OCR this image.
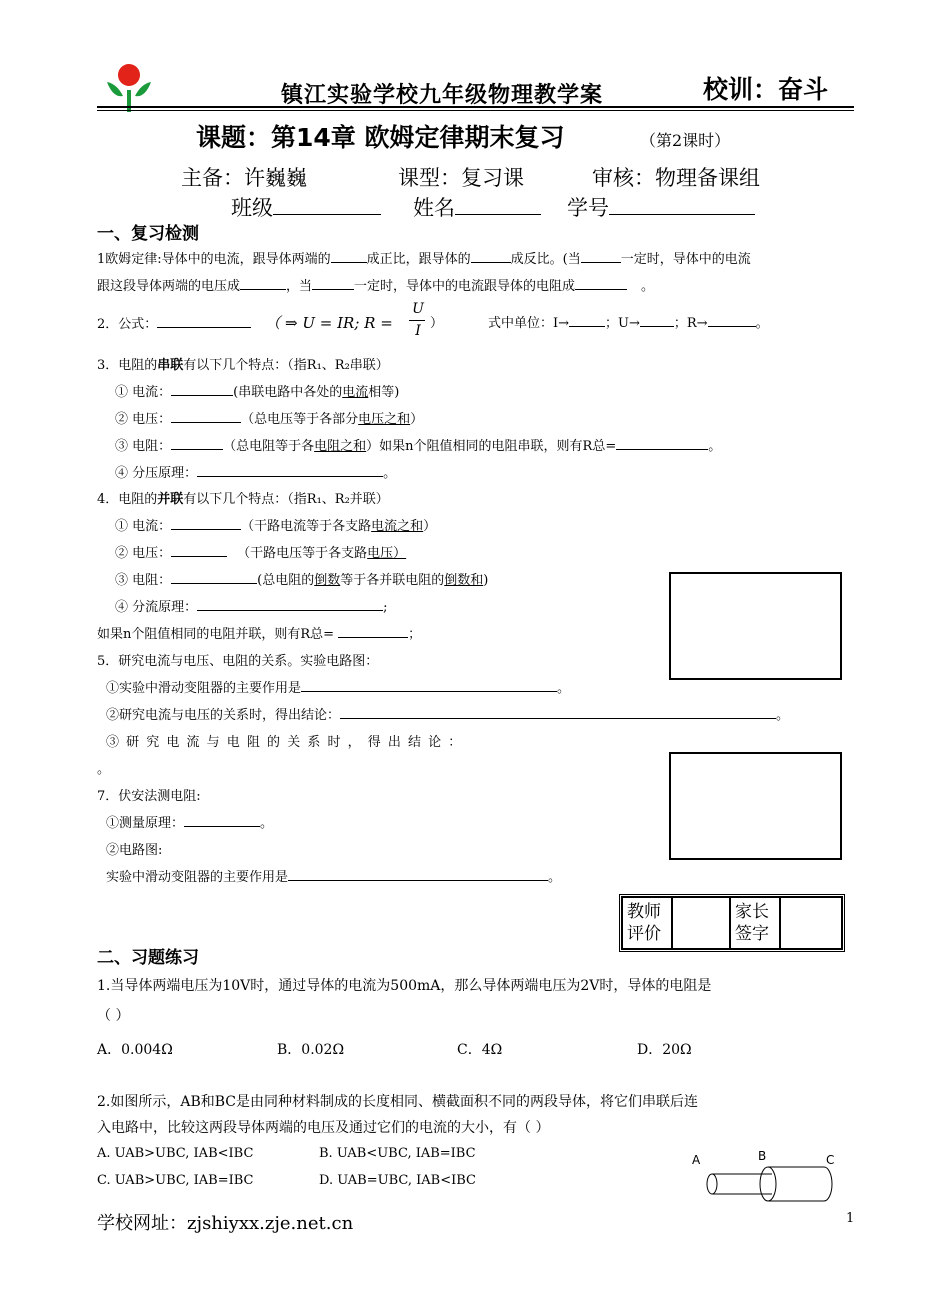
镇江实验学校九年级物理教学案	校训：奋斗
课题：第14章 欧姆定律期末复习	（第2课时）
主备：许巍巍	课型：复习课	审核：物理备课组
班级	姓名	学号
一、复习检测
1欧姆定律:导体中的电流，跟导体两端的	成正比，跟导体的	成反比。(当	一定时，导体中的电流
跟这段导体两端的电压成	，当	一定时，导体中的电流跟导体的电阻成	。
2．公式：	（ ⇒ U = IR; R =
U
I ）	式中单位：I→	；U→	；R→	。
3．电阻的串联有以下几个特点：（指R₁、R₂串联）
① 电流：	(串联电路中各处的电流相等)
② 电压：	（总电压等于各部分电压之和）
③ 电阻：	（总电阻等于各电阻之和）如果n个阻值相同的电阻串联，则有R总=	。
④ 分压原理：	。
4．电阻的并联有以下几个特点：（指R₁、R₂并联）
① 电流：	（干路电流等于各支路电流之和）
② 电压：	（干路电压等于各支路电压）
③ 电阻：	(总电阻的倒数等于各并联电阻的倒数和)
④ 分流原理：	;
如果n个阻值相同的电阻并联，则有R总=	；
5．研究电流与电压、电阻的关系。实验电路图：
①实验中滑动变阻器的主要作用是	。
②研究电流与电压的关系时，得出结论：	。
③ 研 究 电 流 与 电 阻 的 关 系 时 ， 得 出 结 论 ：
。
7．伏安法测电阻:
①测量原理：	。
②电路图:
实验中滑动变阻器的主要作用是	。
教师
评价		家长
签字	
二、习题练习
1.当导体两端电压为10V时，通过导体的电流为500mA，那么导体两端电压为2V时，导体的电阻是
（ ）
A．0.004Ω	B．0.02Ω	C．4Ω	D．20Ω
2.如图所示，AB和BC是由同种材料制成的长度相同、横截面积不同的两段导体，将它们串联后连
入电路中，比较这两段导体两端的电压及通过它们的电流的大小，有（ ）
A. UAB>UBC, IAB<IBC	B. UAB<UBC, IAB=IBC
C. UAB>UBC, IAB=IBC	D. UAB=UBC, IAB<IBC
A	B	C
学校网址：zjshiyxx.zje.net.cn	1
